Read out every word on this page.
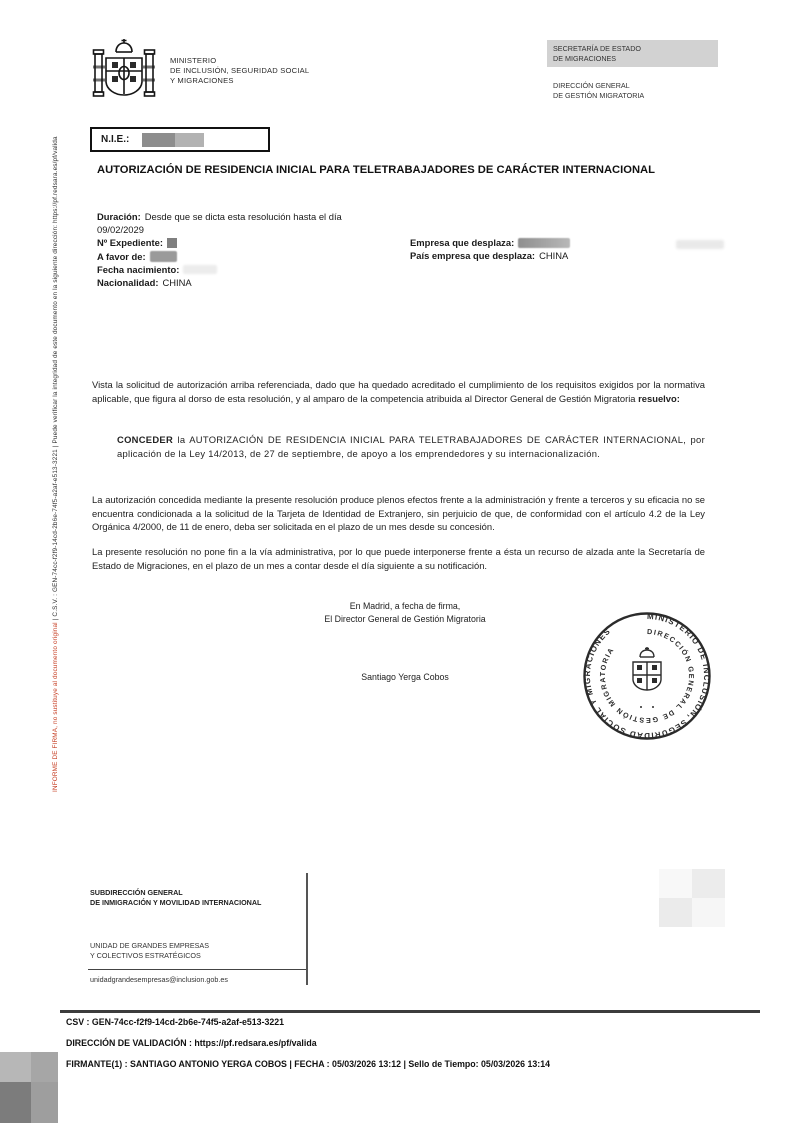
INFORME DE FIRMA, no sustituye al documento original | C.S.V. : GEN-74cc-f2f9-14cd-2b6e-74f5-a2af-e513-3221 | Puede verificar la integridad de este documento en la siguiente dirección: https://pf.redsara.es/pf/valida
MINISTERIO
DE INCLUSIÓN, SEGURIDAD SOCIAL
Y MIGRACIONES
SECRETARÍA DE ESTADO
DE MIGRACIONES
DIRECCIÓN GENERAL
DE GESTIÓN MIGRATORIA
N.I.E.:
AUTORIZACIÓN DE RESIDENCIA INICIAL PARA TELETRABAJADORES DE CARÁCTER INTERNACIONAL
Duración: Desde que se dicta esta resolución hasta el día
09/02/2029
Nº Expediente:
A favor de:
Fecha nacimiento:
Nacionalidad: CHINA
Empresa que desplaza:
País empresa que desplaza: CHINA
Vista la solicitud de autorización arriba referenciada, dado que ha quedado acreditado el cumplimiento de los requisitos exigidos por la normativa aplicable, que figura al dorso de esta resolución, y al amparo de la competencia atribuida al Director General de Gestión Migratoria resuelvo:
CONCEDER la AUTORIZACIÓN DE RESIDENCIA INICIAL PARA TELETRABAJADORES DE CARÁCTER INTERNACIONAL, por aplicación de la Ley 14/2013, de 27 de septiembre, de apoyo a los emprendedores y su internacionalización.
La autorización concedida mediante la presente resolución produce plenos efectos frente a la administración y frente a terceros y su eficacia no se encuentra condicionada a la solicitud de la Tarjeta de Identidad de Extranjero, sin perjuicio de que, de conformidad con el artículo 4.2 de la Ley Orgánica 4/2000, de 11 de enero, deba ser solicitada en el plazo de un mes desde su concesión.
La presente resolución no pone fin a la vía administrativa, por lo que puede interponerse frente a ésta un recurso de alzada ante la Secretaría de Estado de Migraciones, en el plazo de un mes a contar desde el día siguiente a su notificación.
En Madrid, a fecha de firma,
El Director General de Gestión Migratoria
Santiago Yerga Cobos
MINISTERIO DE INCLUSIÓN, SEGURIDAD SOCIAL Y MIGRACIONES	DIRECCIÓN GENERAL DE GESTIÓN MIGRATORIA
SUBDIRECCIÓN GENERAL
DE INMIGRACIÓN Y MOVILIDAD INTERNACIONAL
UNIDAD DE GRANDES EMPRESAS
Y COLECTIVOS ESTRATÉGICOS
unidadgrandesempresas@inclusion.gob.es
CSV : GEN-74cc-f2f9-14cd-2b6e-74f5-a2af-e513-3221
DIRECCIÓN DE VALIDACIÓN : https://pf.redsara.es/pf/valida
FIRMANTE(1) : SANTIAGO ANTONIO YERGA COBOS | FECHA : 05/03/2026 13:12 | Sello de Tiempo: 05/03/2026 13:14
